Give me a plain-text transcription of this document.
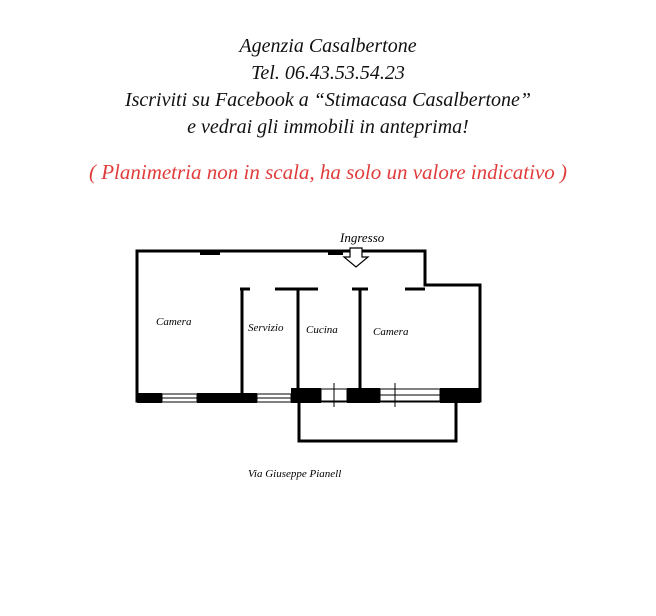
Agenzia Casalbertone
Tel. 06.43.53.54.23
Iscriviti su Facebook a “Stimacasa Casalbertone”
e vedrai gli immobili in anteprima!
( Planimetria non in scala, ha solo un valore indicativo )
Ingresso
Camera	Servizio Cucina	Camera
Via Giuseppe Pianell
